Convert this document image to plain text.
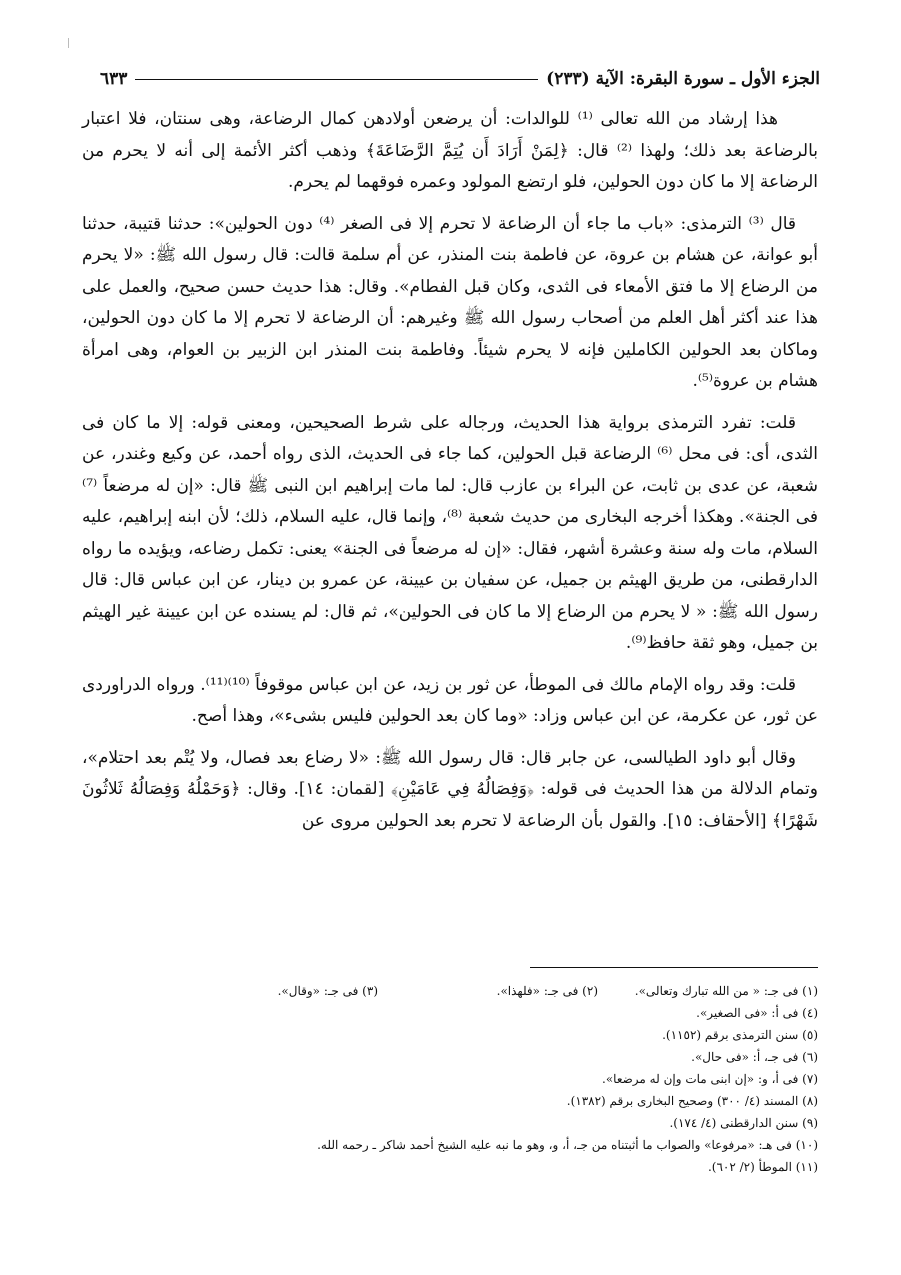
الجزء الأول ـ سورة البقرة: الآية (٢٣٣)
٦٣٣

هذا إرشاد من الله تعالى ⁽¹⁾ للوالدات: أن يرضعن أولادهن كمال الرضاعة، وهى سنتان، فلا اعتبار بالرضاعة بعد ذلك؛ ولهذا ⁽²⁾ قال: ﴿لِمَنْ أَرَادَ أَن يُتِمَّ الرَّضَاعَةَ﴾ وذهب أكثر الأئمة إلى أنه لا يحرم من الرضاعة إلا ما كان دون الحولين، فلو ارتضع المولود وعمره فوقهما لم يحرم.

قال ⁽³⁾ الترمذى: «باب ما جاء أن الرضاعة لا تحرم إلا فى الصغر ⁽⁴⁾ دون الحولين»: حدثنا قتيبة، حدثنا أبو عوانة، عن هشام بن عروة، عن فاطمة بنت المنذر، عن أم سلمة قالت: قال رسول الله ﷺ: «لا يحرم من الرضاع إلا ما فتق الأمعاء فى الثدى، وكان قبل الفطام». وقال: هذا حديث حسن صحيح، والعمل على هذا عند أكثر أهل العلم من أصحاب رسول الله ﷺ وغيرهم: أن الرضاعة لا تحرم إلا ما كان دون الحولين، وماكان بعد الحولين الكاملين فإنه لا يحرم شيئاً. وفاطمة بنت المنذر ابن الزبير بن العوام، وهى امرأة هشام بن عروة⁽⁵⁾.

قلت: تفرد الترمذى برواية هذا الحديث، ورجاله على شرط الصحيحين، ومعنى قوله: إلا ما كان فى الثدى، أى: فى محل ⁽⁶⁾ الرضاعة قبل الحولين، كما جاء فى الحديث، الذى رواه أحمد، عن وكيع وغندر، عن شعبة، عن عدى بن ثابت، عن البراء بن عازب قال: لما مات إبراهيم ابن النبى ﷺ قال: «إن له مرضعاً ⁽⁷⁾ فى الجنة». وهكذا أخرجه البخارى من حديث شعبة ⁽⁸⁾، وإنما قال، عليه السلام، ذلك؛ لأن ابنه إبراهيم، عليه السلام، مات وله سنة وعشرة أشهر، فقال: «إن له مرضعاً فى الجنة» يعنى: تكمل رضاعه، ويؤيده ما رواه الدارقطنى، من طريق الهيثم بن جميل، عن سفيان بن عيينة، عن عمرو بن دينار، عن ابن عباس قال: قال رسول الله ﷺ: « لا يحرم من الرضاع إلا ما كان فى الحولين»، ثم قال: لم يسنده عن ابن عيينة غير الهيثم بن جميل، وهو ثقة حافظ⁽⁹⁾.

قلت: وقد رواه الإمام مالك فى الموطأ، عن ثور بن زيد، عن ابن عباس موقوفاً ⁽¹⁰⁾⁽¹¹⁾. ورواه الدراوردى عن ثور، عن عكرمة، عن ابن عباس وزاد: «وما كان بعد الحولين فليس بشىء»، وهذا أصح.

وقال أبو داود الطيالسى، عن جابر قال: قال رسول الله ﷺ: «لا رضاع بعد فصال، ولا يُتْم بعد احتلام»، وتمام الدلالة من هذا الحديث فى قوله: ﴿وَفِصَالُهُ فِي عَامَيْنِ﴾ [لقمان: ١٤]. وقال: ﴿وَحَمْلُهُ وَفِصَالُهُ ثَلاثُونَ شَهْرًا﴾ [الأحقاف: ١٥]. والقول بأن الرضاعة لا تحرم بعد الحولين مروى عن

(١) فى جـ: « من الله تبارك وتعالى».
(٢) فى جـ: «فلهذا».
(٣) فى جـ: «وقال».
(٤) فى أ: «فى الصغير».
(٥) سنن الترمذى برقم (١١٥٢).
(٦) فى جـ، أ: «فى حال».
(٧) فى أ، و: «إن ابنى مات وإن له مرضعا».
(٨) المسند (٤/ ٣٠٠) وصحيح البخارى برقم (١٣٨٢).
(٩) سنن الدارقطنى (٤/ ١٧٤).
(١٠) فى هـ: «مرفوعا» والصواب ما أثبتناه من جـ، أ، و، وهو ما نبه عليه الشيخ أحمد شاكر ـ رحمه الله.
(١١) الموطأ (٢/ ٦٠٢).
